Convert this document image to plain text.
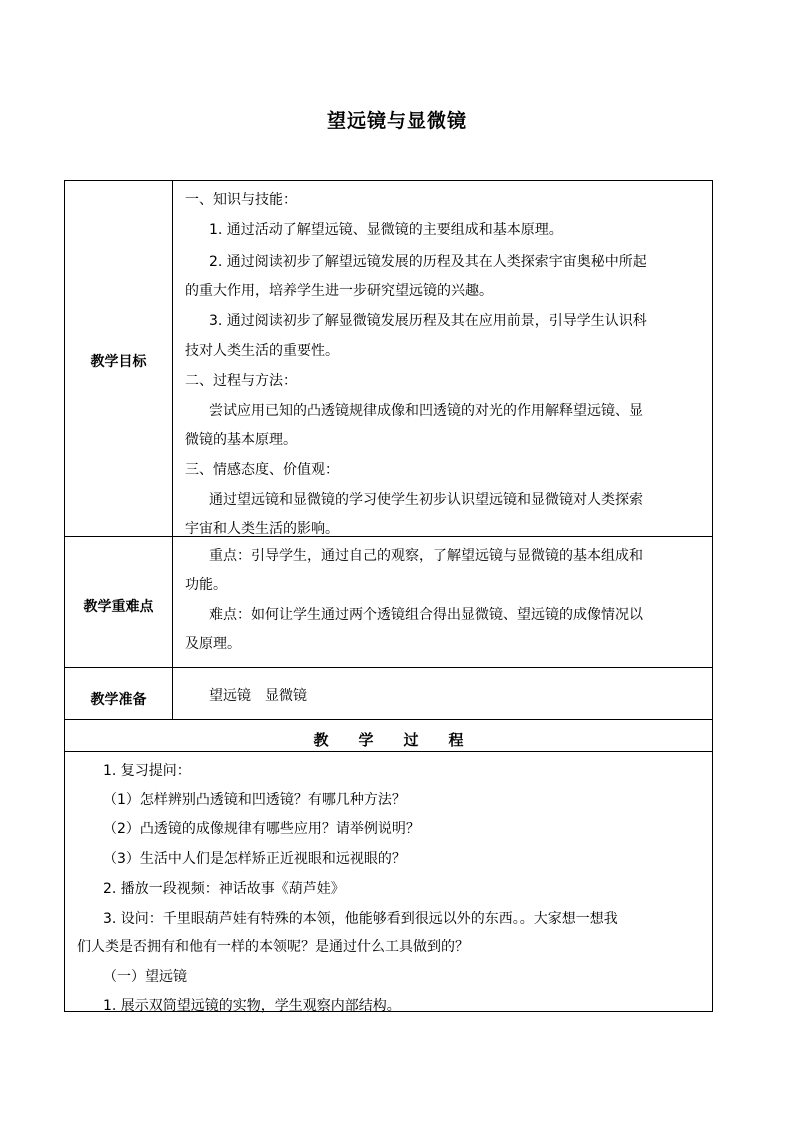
望远镜与显微镜
教学目标
一、知识与技能：
1. 通过活动了解望远镜、显微镜的主要组成和基本原理。
2. 通过阅读初步了解望远镜发展的历程及其在人类探索宇宙奥秘中所起
的重大作用，培养学生进一步研究望远镜的兴趣。
3. 通过阅读初步了解显微镜发展历程及其在应用前景，引导学生认识科
技对人类生活的重要性。
二、过程与方法：
尝试应用已知的凸透镜规律成像和凹透镜的对光的作用解释望远镜、显
微镜的基本原理。
三、情感态度、价值观：
通过望远镜和显微镜的学习使学生初步认识望远镜和显微镜对人类探索
宇宙和人类生活的影响。
教学重难点
重点：引导学生，通过自己的观察，了解望远镜与显微镜的基本组成和
功能。
难点：如何让学生通过两个透镜组合得出显微镜、望远镜的成像情况以
及原理。
教学准备	望远镜　显微镜
教　　学　　过　　程
1. 复习提问：
（1）怎样辨别凸透镜和凹透镜？有哪几种方法？
（2）凸透镜的成像规律有哪些应用？请举例说明？
（3）生活中人们是怎样矫正近视眼和远视眼的？
2. 播放一段视频：神话故事《葫芦娃》
3. 设问：千里眼葫芦娃有特殊的本领，他能够看到很远以外的东西。。大家想一想我
们人类是否拥有和他有一样的本领呢？是通过什么工具做到的？
（一）望远镜
1. 展示双筒望远镜的实物，学生观察内部结构。
